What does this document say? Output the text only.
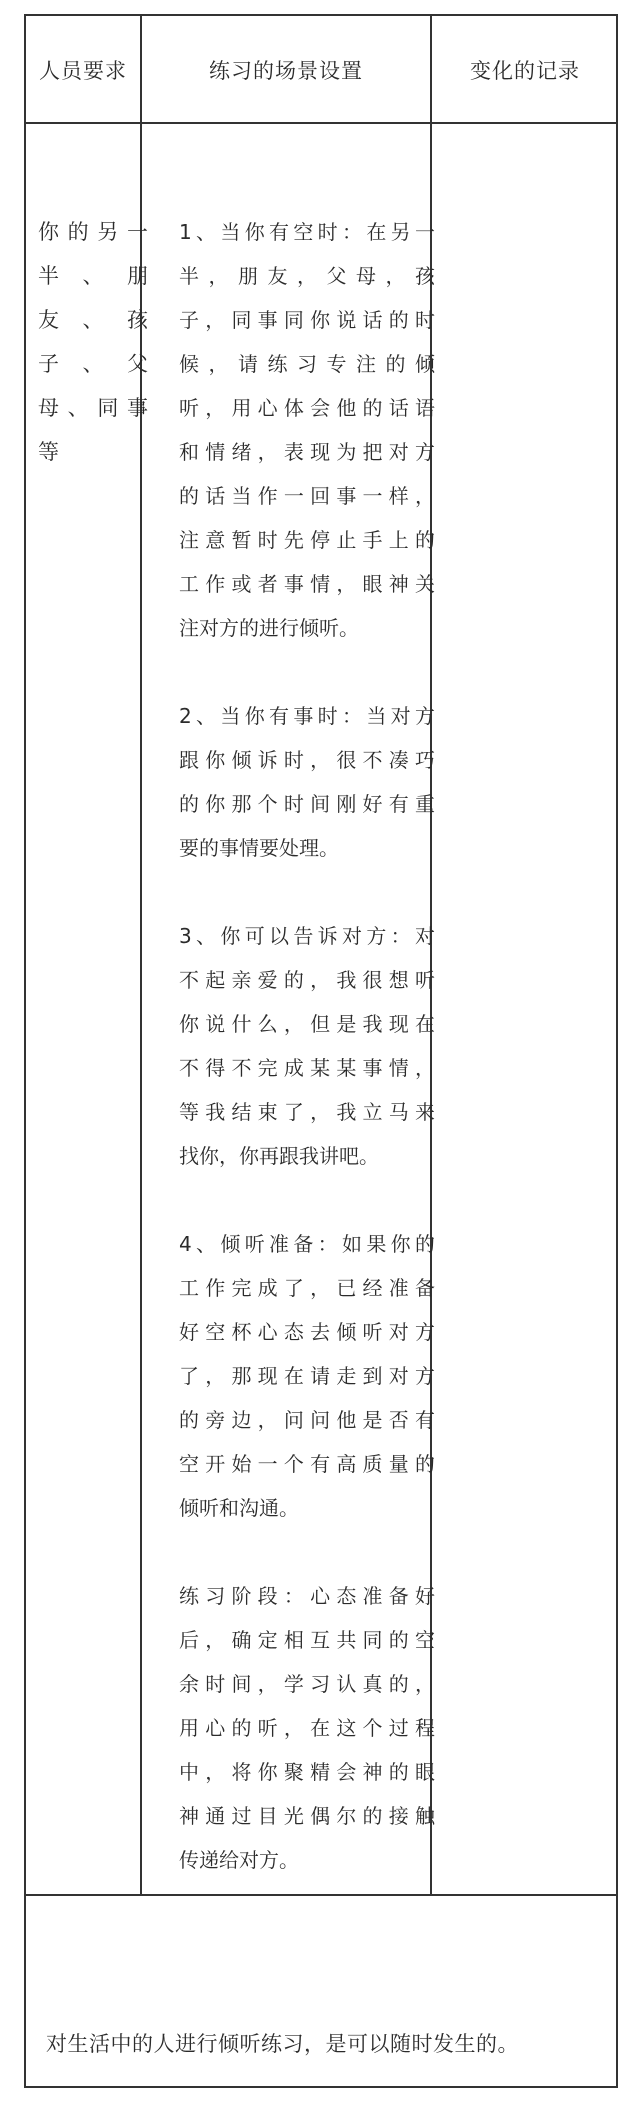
人员要求	练习的场景设置	变化的记录
你的另一
半 、 朋
友 、 孩
子 、 父
母、同事
等
1、当你有空时：在另一
半，朋友，父母，孩
子，同事同你说话的时
候，请练习专注的倾
听，用心体会他的话语
和情绪，表现为把对方
的话当作一回事一样，
注意暂时先停止手上的
工作或者事情，眼神关
注对方的进行倾听。
2、当你有事时：当对方
跟你倾诉时，很不凑巧
的你那个时间刚好有重
要的事情要处理。
3、你可以告诉对方：对
不起亲爱的，我很想听
你说什么，但是我现在
不得不完成某某事情，
等我结束了，我立马来
找你，你再跟我讲吧。
4、倾听准备：如果你的
工作完成了，已经准备
好空杯心态去倾听对方
了，那现在请走到对方
的旁边，问问他是否有
空开始一个有高质量的
倾听和沟通。
练习阶段：心态准备好
后，确定相互共同的空
余时间，学习认真的，
用心的听，在这个过程
中，将你聚精会神的眼
神通过目光偶尔的接触
传递给对方。
对生活中的人进行倾听练习，是可以随时发生的。
